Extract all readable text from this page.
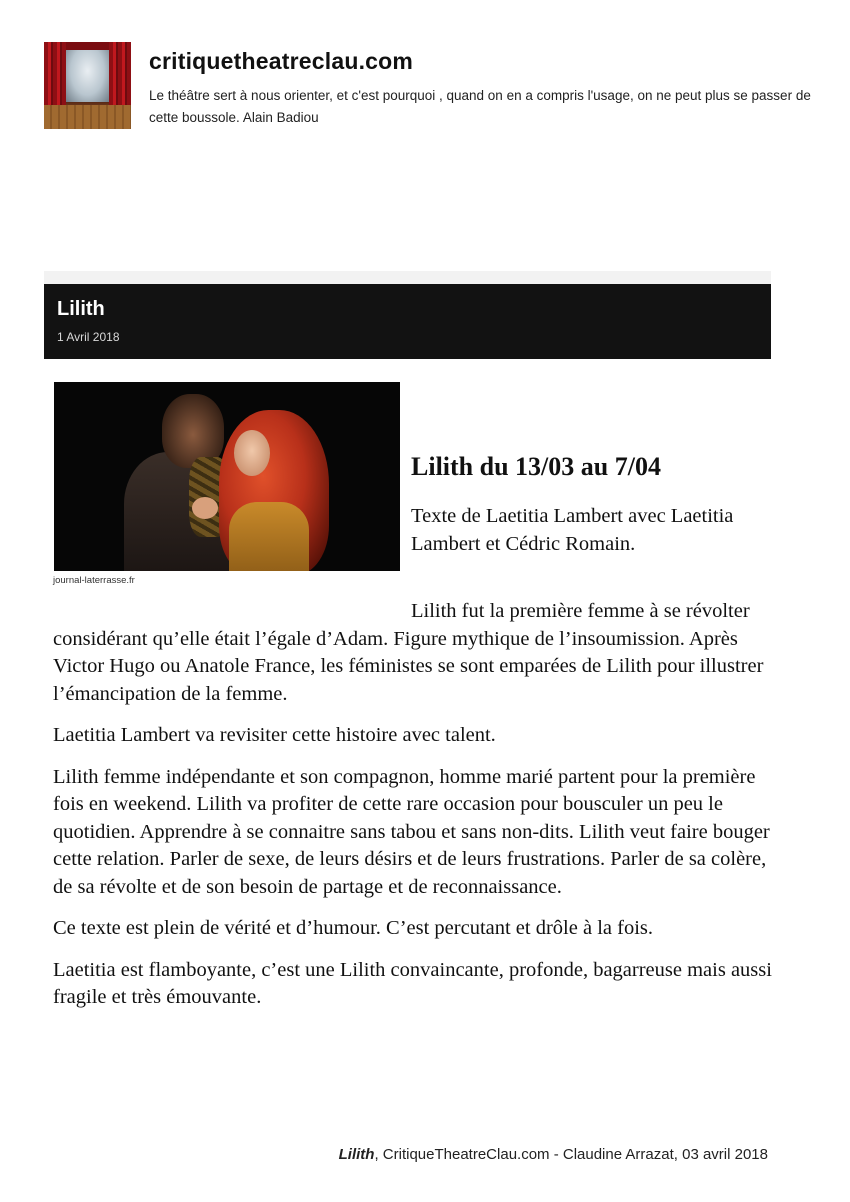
critiquetheatreclau.com

Le théâtre sert à nous orienter, et c'est pourquoi , quand on en a compris l'usage, on ne peut plus se passer de cette boussole. Alain Badiou

Lilith
1 Avril 2018
journal-laterrasse.fr
Lilith du 13/03 au 7/04

Texte de Laetitia Lambert avec Laetitia Lambert et Cédric Romain.

Lilith fut la première femme à se révolter considérant qu’elle était l’égale d’Adam. Figure mythique de l’insoumission. Après Victor Hugo ou Anatole France, les féministes se sont emparées de Lilith pour illustrer l’émancipation de la femme.

Laetitia Lambert va revisiter cette histoire avec talent.

Lilith femme indépendante et son compagnon, homme marié partent pour la première fois en weekend. Lilith va profiter de cette rare occasion pour bousculer un peu le quotidien. Apprendre à se connaitre sans tabou et sans non-dits. Lilith veut faire bouger cette relation. Parler de sexe, de leurs désirs et de leurs frustrations. Parler de sa colère, de sa révolte et de son besoin de partage et de reconnaissance.

Ce texte est plein de vérité et d’humour. C’est percutant et drôle à la fois.

Laetitia est flamboyante, c’est une Lilith convaincante, profonde, bagarreuse mais aussi fragile et très émouvante.

Lilith, CritiqueTheatreClau.com - Claudine Arrazat, 03 avril 2018
